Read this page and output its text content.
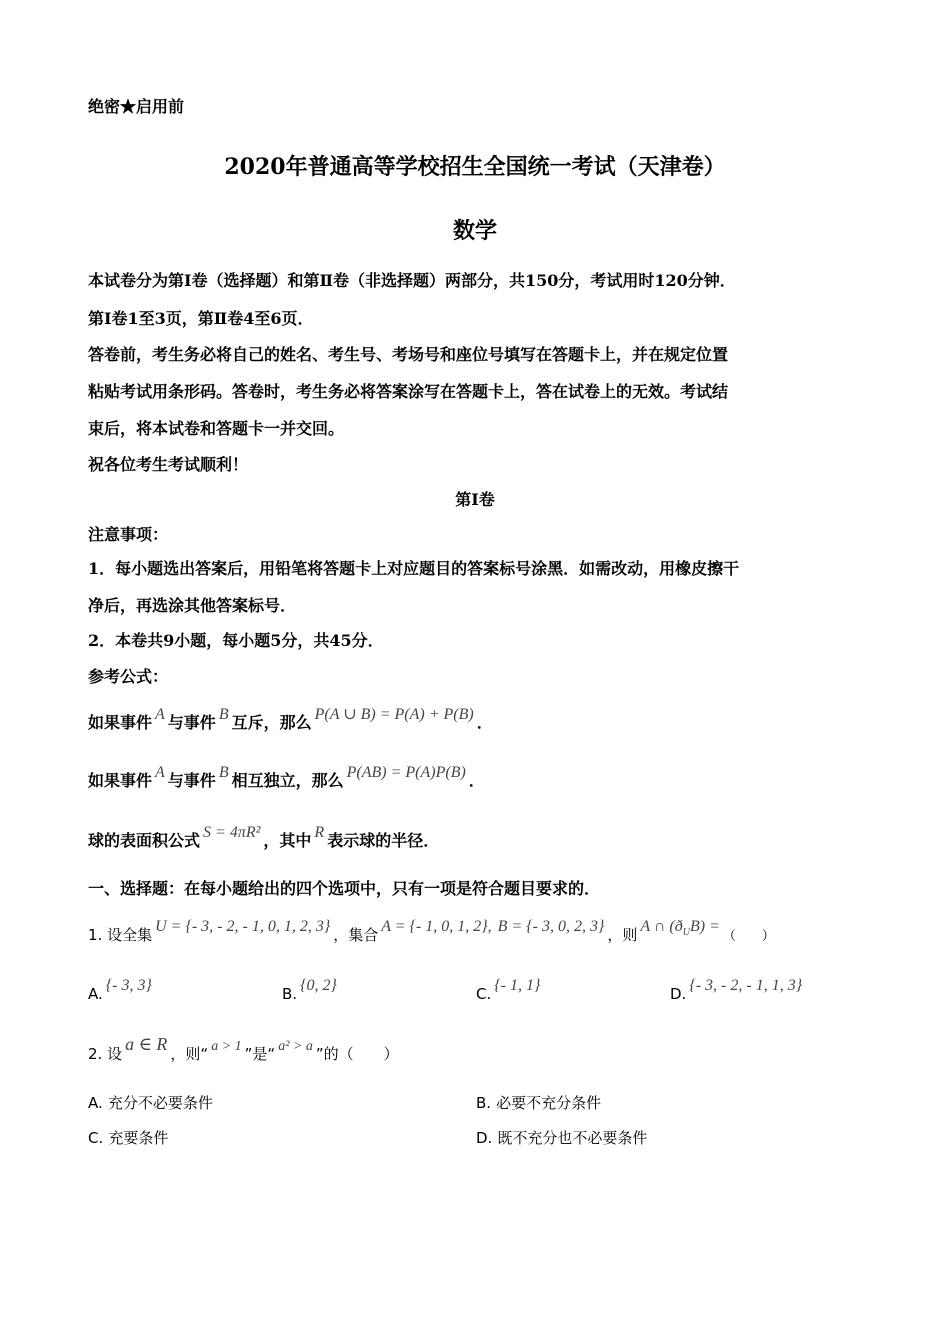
绝密★启用前
2020年普通高等学校招生全国统一考试（天津卷）
数学
本试卷分为第Ⅰ卷（选择题）和第Ⅱ卷（非选择题）两部分，共150分，考试用时120分钟．
第Ⅰ卷1至3页，第Ⅱ卷4至6页．
答卷前，考生务必将自己的姓名、考生号、考场号和座位号填写在答题卡上，并在规定位置
粘贴考试用条形码。答卷时，考生务必将答案涂写在答题卡上，答在试卷上的无效。考试结
束后，将本试卷和答题卡一并交回。
祝各位考生考试顺利！
第Ⅰ卷
注意事项：
1．每小题选出答案后，用铅笔将答题卡上对应题目的答案标号涂黑．如需改动，用橡皮擦干
净后，再选涂其他答案标号．
2．本卷共9小题，每小题5分，共45分．
参考公式：
如果事件 A 与事件 B 互斥，那么 P(A ∪ B) = P(A) + P(B) ．
如果事件 A 与事件 B 相互独立，那么 P(AB) = P(A)P(B) ．
球的表面积公式 S = 4πR² ，其中 R 表示球的半径．
一、选择题：在每小题给出的四个选项中，只有一项是符合题目要求的．
1. 设全集 U = {- 3, - 2, - 1, 0, 1, 2, 3} ，集合 A = {- 1, 0, 1, 2}, B = {- 3, 0, 2, 3} ，则 A ∩ $(ð_UB)$ =（　　）
A. {- 3, 3}	B. {0, 2}	C. {- 1, 1}	D. {- 3, - 2, - 1, 1, 3}
2. 设 a ∈ R ，则“ a > 1 ”是“ a² > a ”的（　　）
A. 充分不必要条件	B. 必要不充分条件
C. 充要条件	D. 既不充分也不必要条件
